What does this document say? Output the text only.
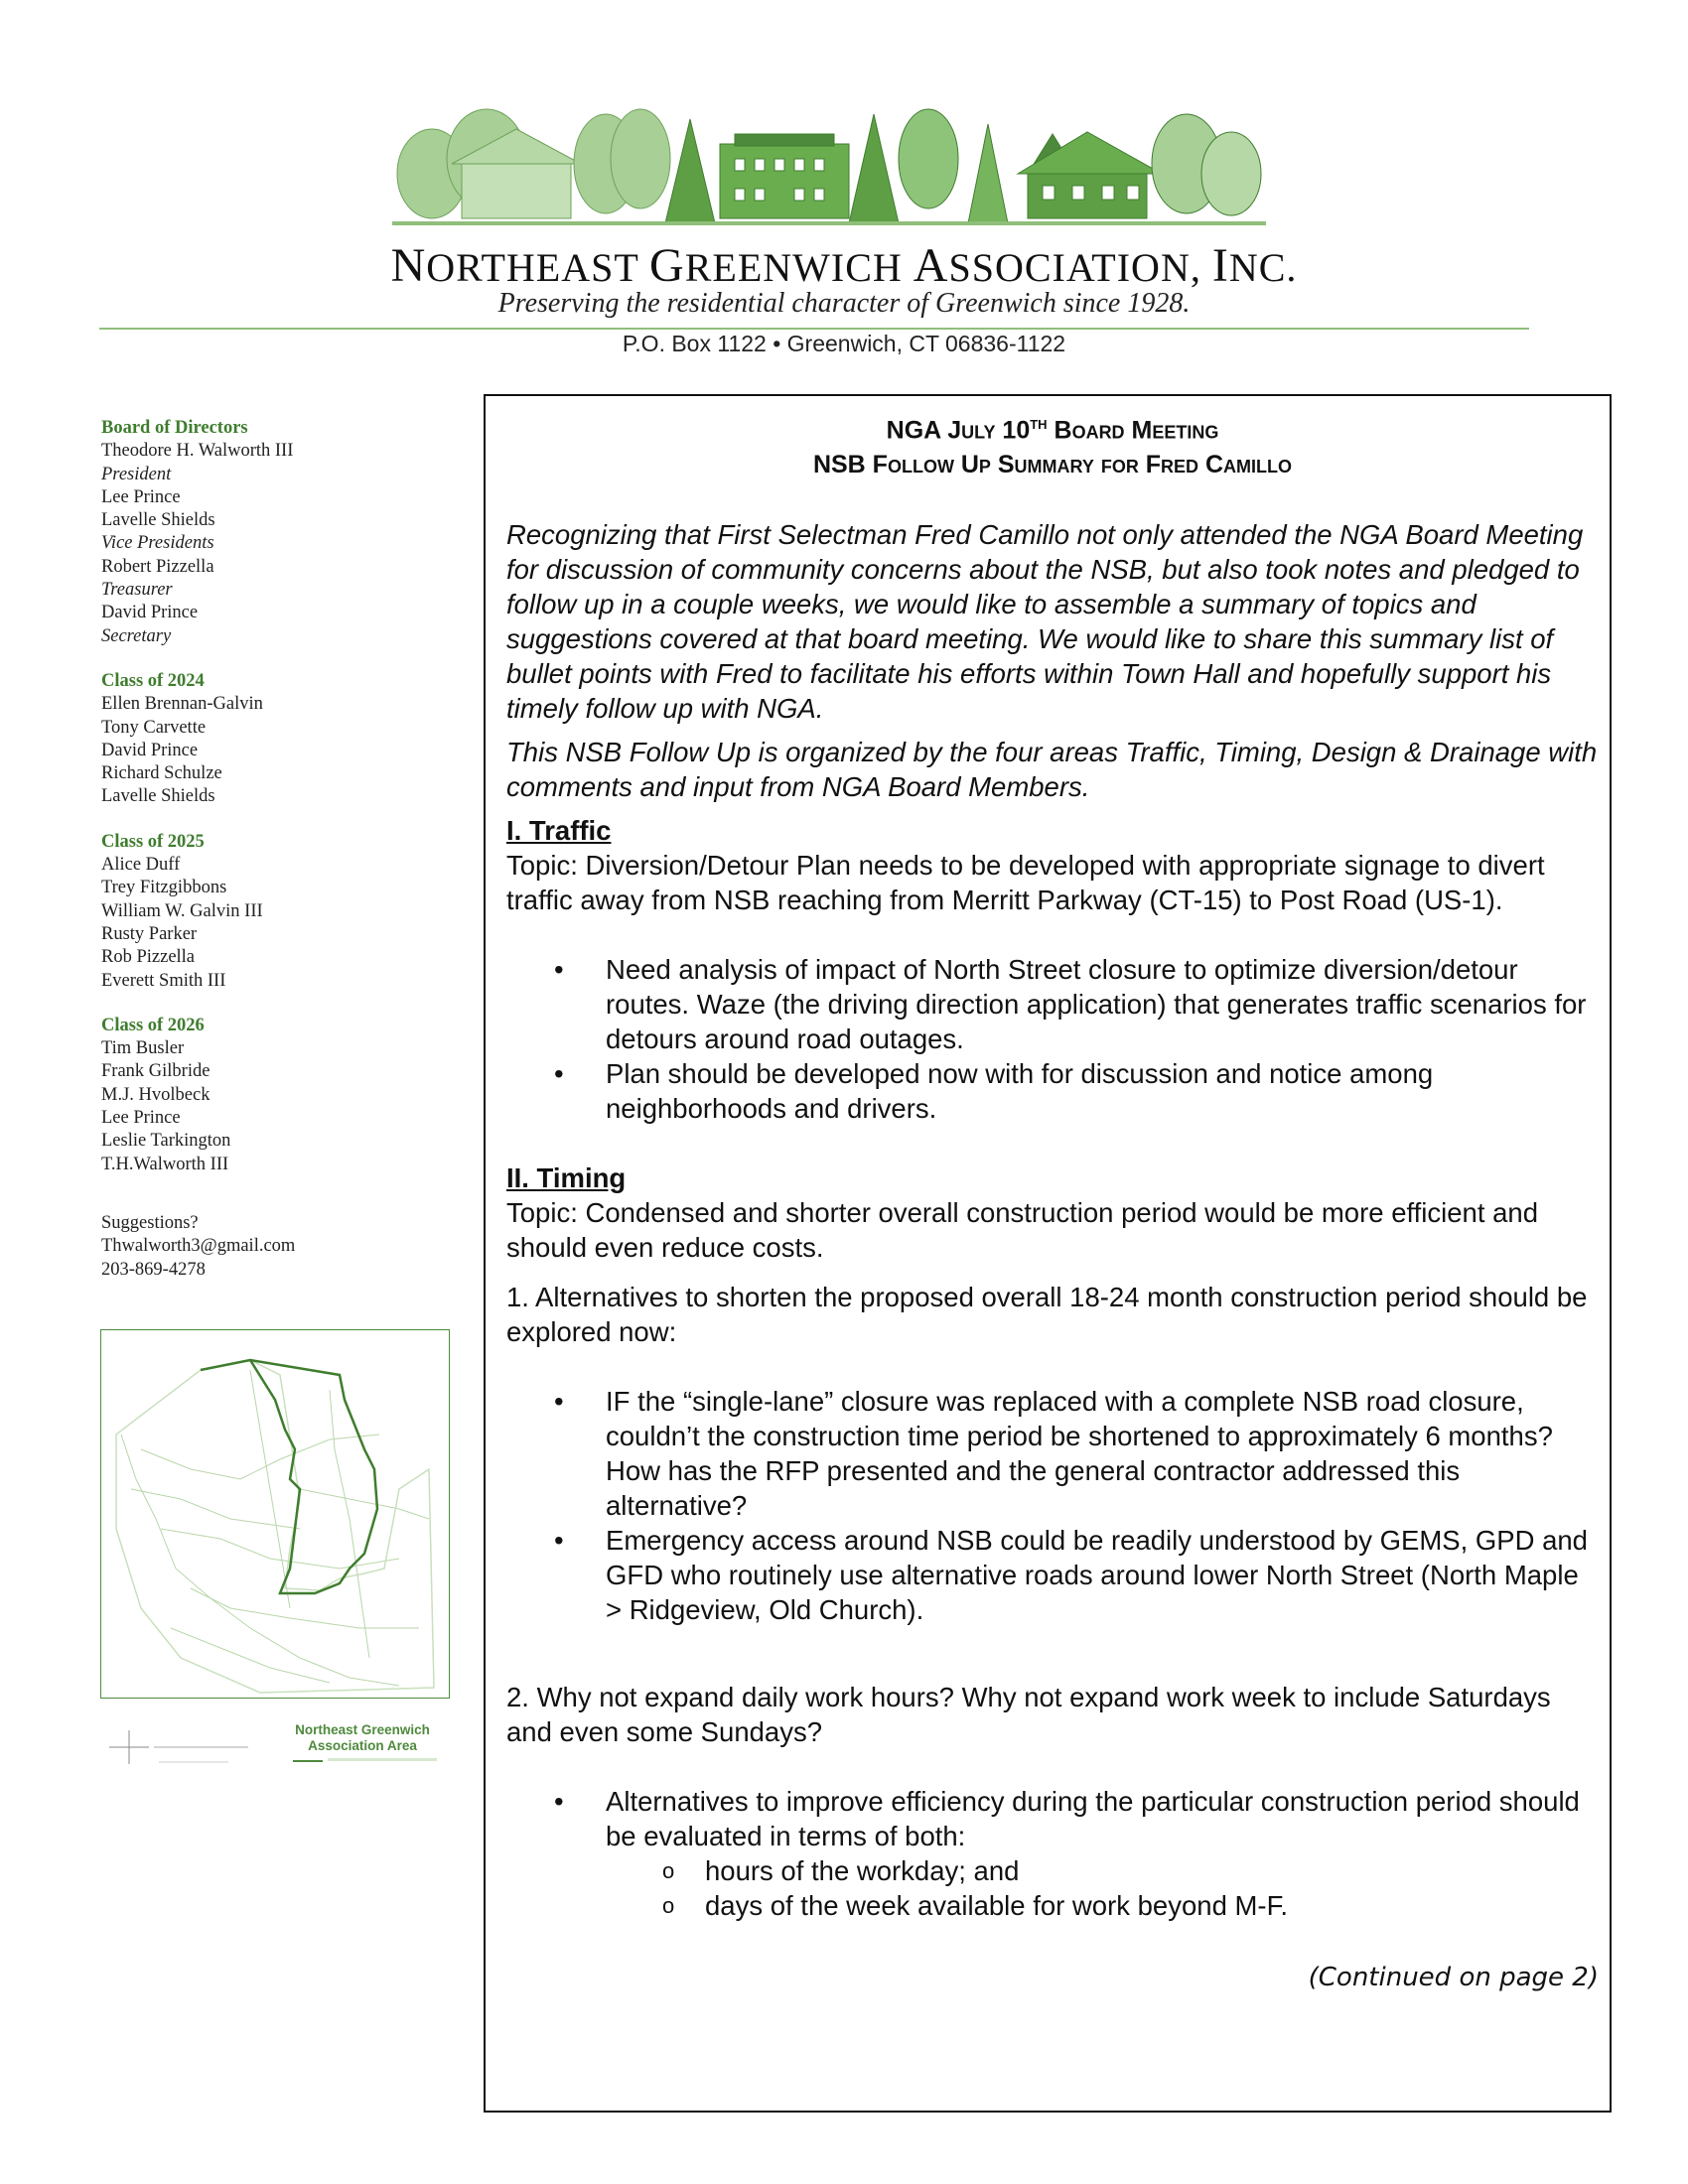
NORTHEAST GREENWICH ASSOCIATION, INC.
Preserving the residential character of Greenwich since 1928.
P.O. Box 1122 • Greenwich, CT 06836-1122
Board of Directors
Theodore H. Walworth III
President
Lee Prince
Lavelle Shields
Vice Presidents
Robert Pizzella
Treasurer
David Prince
Secretary
Class of 2024
Ellen Brennan-Galvin
Tony Carvette
David Prince
Richard Schulze
Lavelle Shields
Class of 2025
Alice Duff
Trey Fitzgibbons
William W. Galvin III
Rusty Parker
Rob Pizzella
Everett Smith III
Class of 2026
Tim Busler
Frank Gilbride
M.J. Hvolbeck
Lee Prince
Leslie Tarkington
T.H.Walworth III
Suggestions?
Thwalworth3@gmail.com
203-869-4278
Northeast Greenwich Association Area

NGA July 10TH Board Meeting

NSB Follow Up Summary for Fred Camillo

Recognizing that First Selectman Fred Camillo not only attended the NGA Board Meeting for discussion of community concerns about the NSB, but also took notes and pledged to follow up in a couple weeks, we would like to assemble a summary of topics and suggestions covered at that board meeting. We would like to share this summary list of bullet points with Fred to facilitate his efforts within Town Hall and hopefully support his timely follow up with NGA.

This NSB Follow Up is organized by the four areas Traffic, Timing, Design & Drainage with comments and input from NGA Board Members.

I. Traffic

Topic: Diversion/Detour Plan needs to be developed with appropriate signage to divert traffic away from NSB reaching from Merritt Parkway (CT-15) to Post Road (US-1).

• Need analysis of impact of North Street closure to optimize diversion/detour routes. Waze (the driving direction application) that generates traffic scenarios for detours around road outages.
• Plan should be developed now with for discussion and notice among neighborhoods and drivers.

II. Timing

Topic: Condensed and shorter overall construction period would be more efficient and should even reduce costs.

1. Alternatives to shorten the proposed overall 18-24 month construction period should be explored now:

• IF the “single-lane” closure was replaced with a complete NSB road closure, couldn’t the construction time period be shortened to approximately 6 months? How has the RFP presented and the general contractor addressed this alternative?
• Emergency access around NSB could be readily understood by GEMS, GPD and GFD who routinely use alternative roads around lower North Street (North Maple > Ridgeview, Old Church).

2. Why not expand daily work hours? Why not expand work week to include Saturdays and even some Sundays?

• Alternatives to improve efficiency during the particular construction period should be evaluated in terms of both:
o hours of the workday; and
o days of the week available for work beyond M-F.

(Continued on page 2)
